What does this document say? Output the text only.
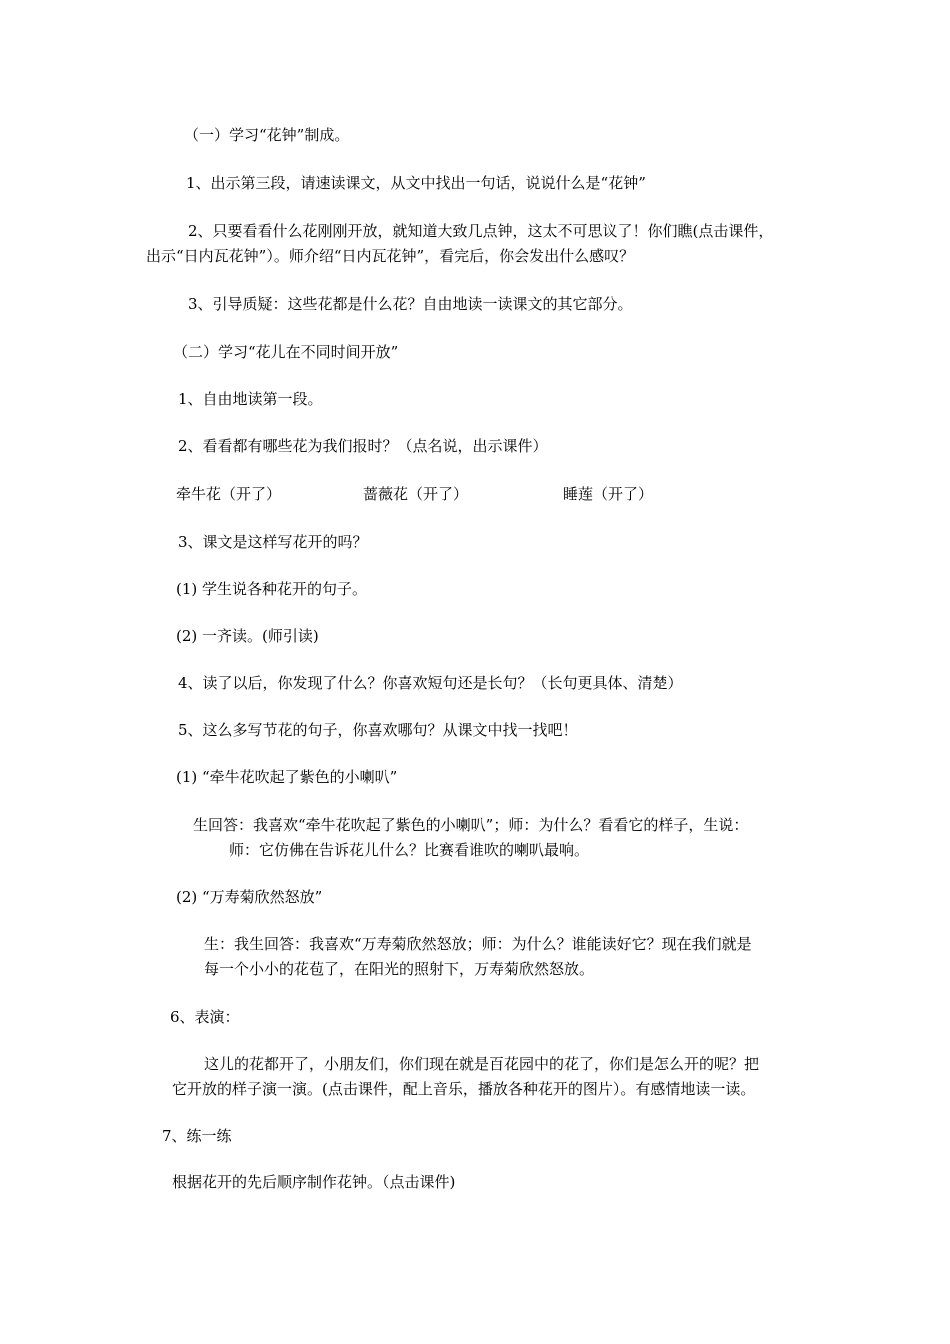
（一）学习“花钟”制成。
1、出示第三段，请速读课文，从文中找出一句话，说说什么是“花钟”
2、只要看看什么花刚刚开放，就知道大致几点钟，这太不可思议了！你们瞧(点击课件，
出示“日内瓦花钟”）。师介绍“日内瓦花钟”，看完后，你会发出什么感叹？
3、引导质疑：这些花都是什么花？自由地读一读课文的其它部分。
（二）学习“花儿在不同时间开放”
1、自由地读第一段。
2、看看都有哪些花为我们报时？（点名说，出示课件）
牵牛花（开了）	蔷薇花（开了）	睡莲（开了）
3、课文是这样写花开的吗？
(1) 学生说各种花开的句子。
(2) 一齐读。(师引读)
4、读了以后，你发现了什么？你喜欢短句还是长句？（长句更具体、清楚）
5、这么多写节花的句子，你喜欢哪句？从课文中找一找吧！
(1) “牵牛花吹起了紫色的小喇叭”
生回答：我喜欢“牵牛花吹起了紫色的小喇叭”；师：为什么？看看它的样子，生说：
师：它仿佛在告诉花儿什么？比赛看谁吹的喇叭最响。
(2) “万寿菊欣然怒放”
生：我生回答：我喜欢“万寿菊欣然怒放；师：为什么？谁能读好它？现在我们就是
每一个小小的花苞了，在阳光的照射下，万寿菊欣然怒放。
6、表演：
这儿的花都开了，小朋友们，你们现在就是百花园中的花了，你们是怎么开的呢？把
它开放的样子演一演。(点击课件，配上音乐，播放各种花开的图片）。有感情地读一读。
7、练一练
根据花开的先后顺序制作花钟。（点击课件)
